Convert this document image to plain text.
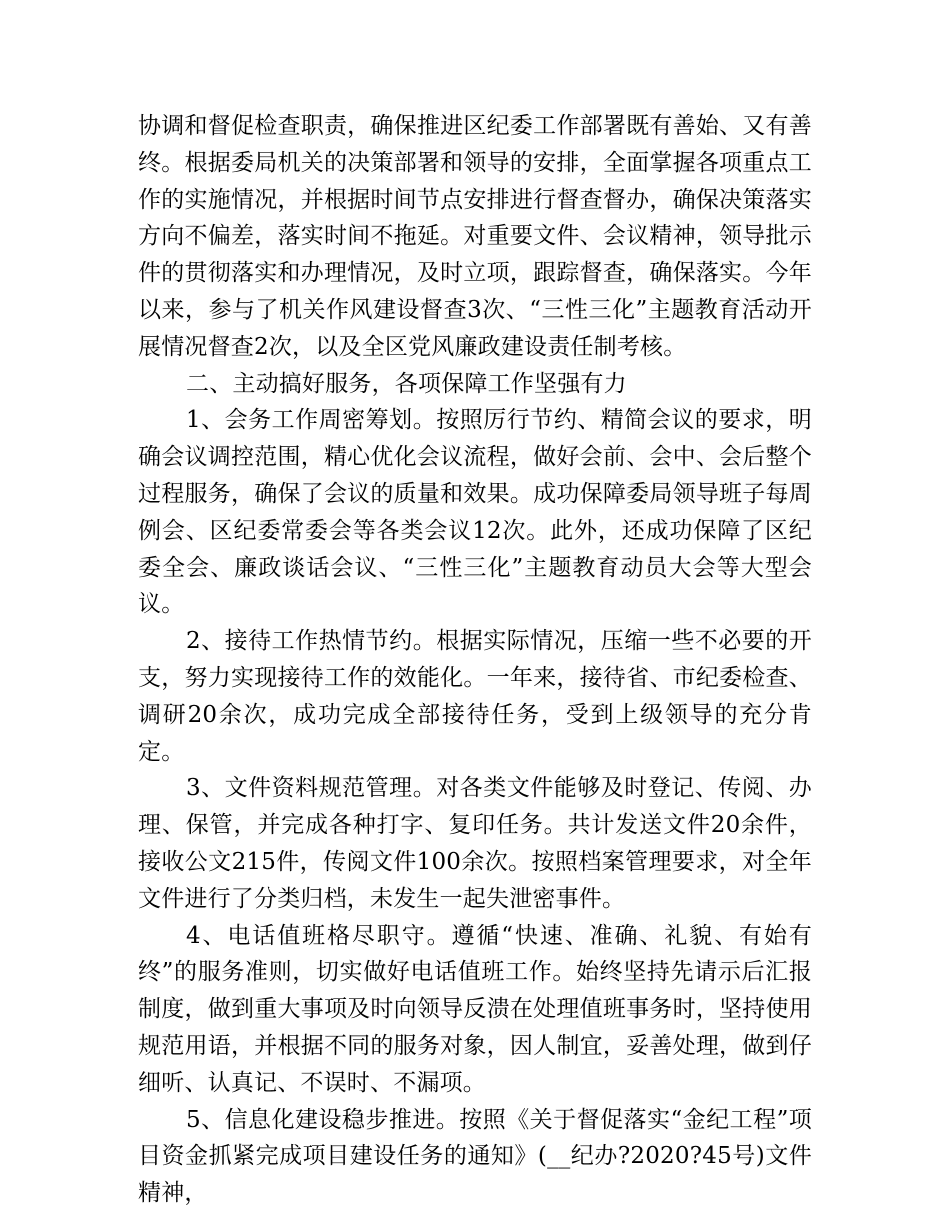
协调和督促检查职责，确保推进区纪委工作部署既有善始、又有善终。根据委局机关的决策部署和领导的安排，全面掌握各项重点工作的实施情况，并根据时间节点安排进行督查督办，确保决策落实方向不偏差，落实时间不拖延。对重要文件、会议精神，领导批示件的贯彻落实和办理情况，及时立项，跟踪督查，确保落实。今年以来，参与了机关作风建设督查3次、“三性三化”主题教育活动开展情况督查2次，以及全区党风廉政建设责任制考核。

二、主动搞好服务，各项保障工作坚强有力

1、会务工作周密筹划。按照厉行节约、精简会议的要求，明确会议调控范围，精心优化会议流程，做好会前、会中、会后整个过程服务，确保了会议的质量和效果。成功保障委局领导班子每周例会、区纪委常委会等各类会议12次。此外，还成功保障了区纪委全会、廉政谈话会议、“三性三化”主题教育动员大会等大型会议。

2、接待工作热情节约。根据实际情况，压缩一些不必要的开支，努力实现接待工作的效能化。一年来，接待省、市纪委检查、调研20余次，成功完成全部接待任务，受到上级领导的充分肯定。

3、文件资料规范管理。对各类文件能够及时登记、传阅、办理、保管，并完成各种打字、复印任务。共计发送文件20余件，接收公文215件，传阅文件100余次。按照档案管理要求，对全年文件进行了分类归档，未发生一起失泄密事件。

4、电话值班格尽职守。遵循“快速、准确、礼貌、有始有终”的服务准则，切实做好电话值班工作。始终坚持先请示后汇报制度，做到重大事项及时向领导反溃在处理值班事务时，坚持使用规范用语，并根据不同的服务对象，因人制宜，妥善处理，做到仔细听、认真记、不误时、不漏项。

5、信息化建设稳步推进。按照《关于督促落实“金纪工程”项目资金抓紧完成项目建设任务的通知》(__纪办?2020?45号)文件精神，
